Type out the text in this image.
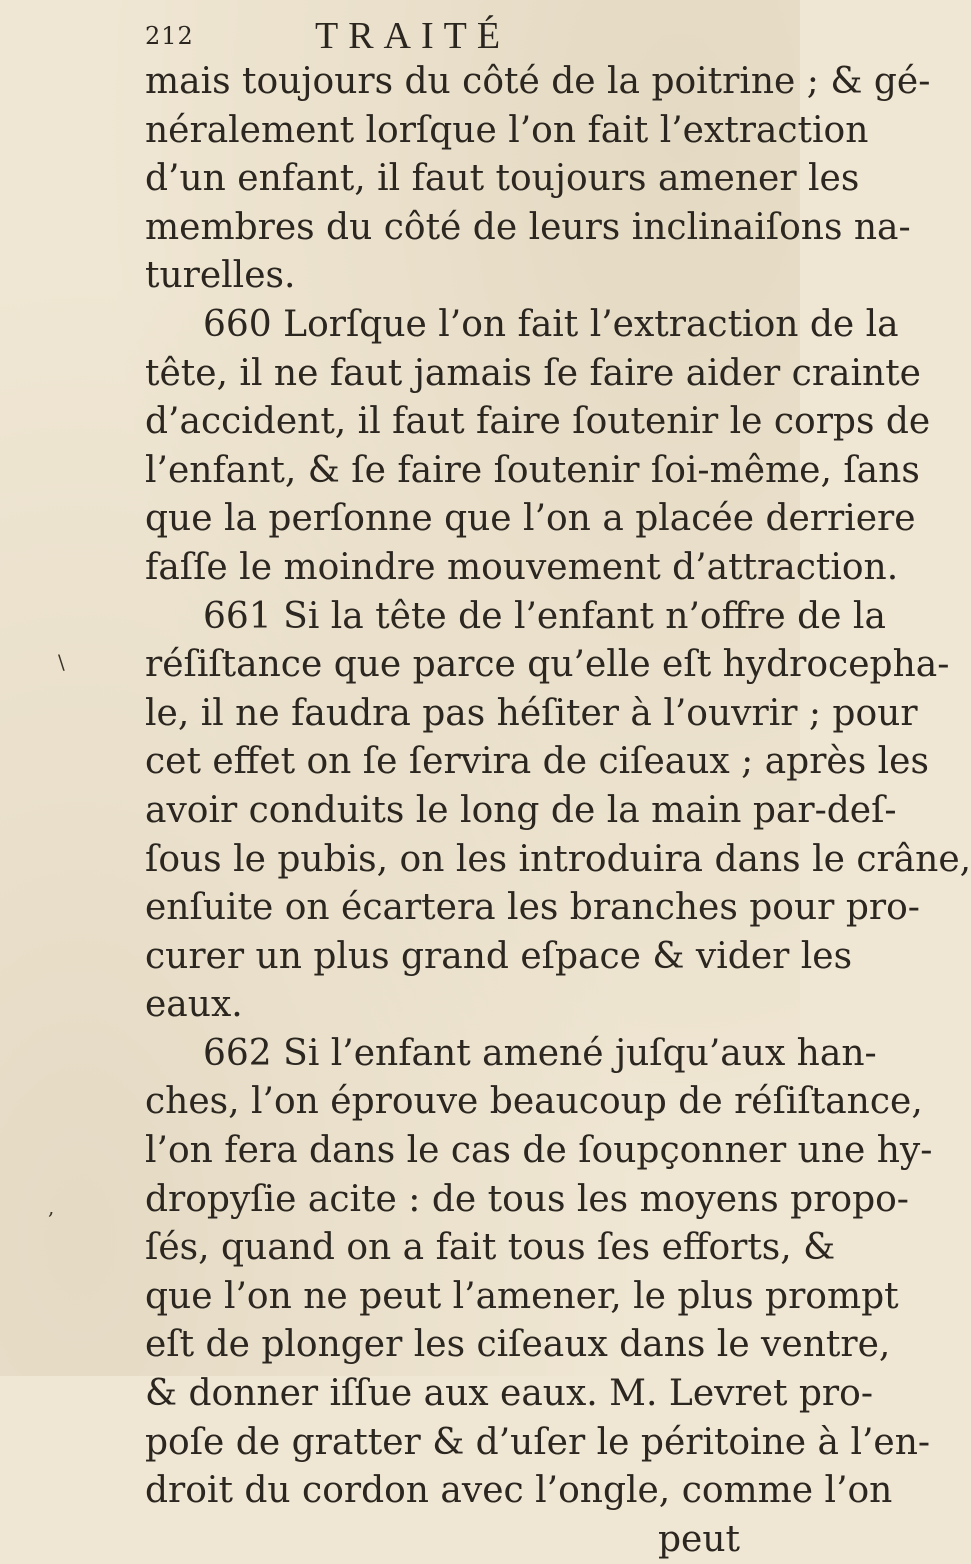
212	TRAITÉ
mais toujours du côté de la poitrine ; & gé-
néralement lorſque l’on fait l’extraction
d’un enfant, il faut toujours amener les
membres du côté de leurs inclinaiſons na-
turelles.
660 Lorſque l’on fait l’extraction de la
tête, il ne faut jamais ſe faire aider crainte
d’accident, il faut faire ſoutenir le corps de
l’enfant, & ſe faire ſoutenir ſoi-même, ſans
que la perſonne que l’on a placée derriere
faſſe le moindre mouvement d’attraction.
661 Si la tête de l’enfant n’offre de la
réſiſtance que parce qu’elle eſt hydrocepha-
le, il ne faudra pas héſiter à l’ouvrir ; pour
cet effet on ſe ſervira de ciſeaux ; après les
avoir conduits le long de la main par-deſ-
ſous le pubis, on les introduira dans le crâne,
enſuite on écartera les branches pour pro-
curer un plus grand eſpace & vider les
eaux.
662 Si l’enfant amené juſqu’aux han-
ches, l’on éprouve beaucoup de réſiſtance,
l’on fera dans le cas de ſoupçonner une hy-
dropyſie acite : de tous les moyens propo-
ſés, quand on a fait tous ſes efforts, &
que l’on ne peut l’amener, le plus prompt
eſt de plonger les ciſeaux dans le ventre,
& donner iſſue aux eaux. M. Levret pro-
poſe de gratter & d’uſer le péritoine à l’en-
droit du cordon avec l’ongle, comme l’on
peut
\
,
